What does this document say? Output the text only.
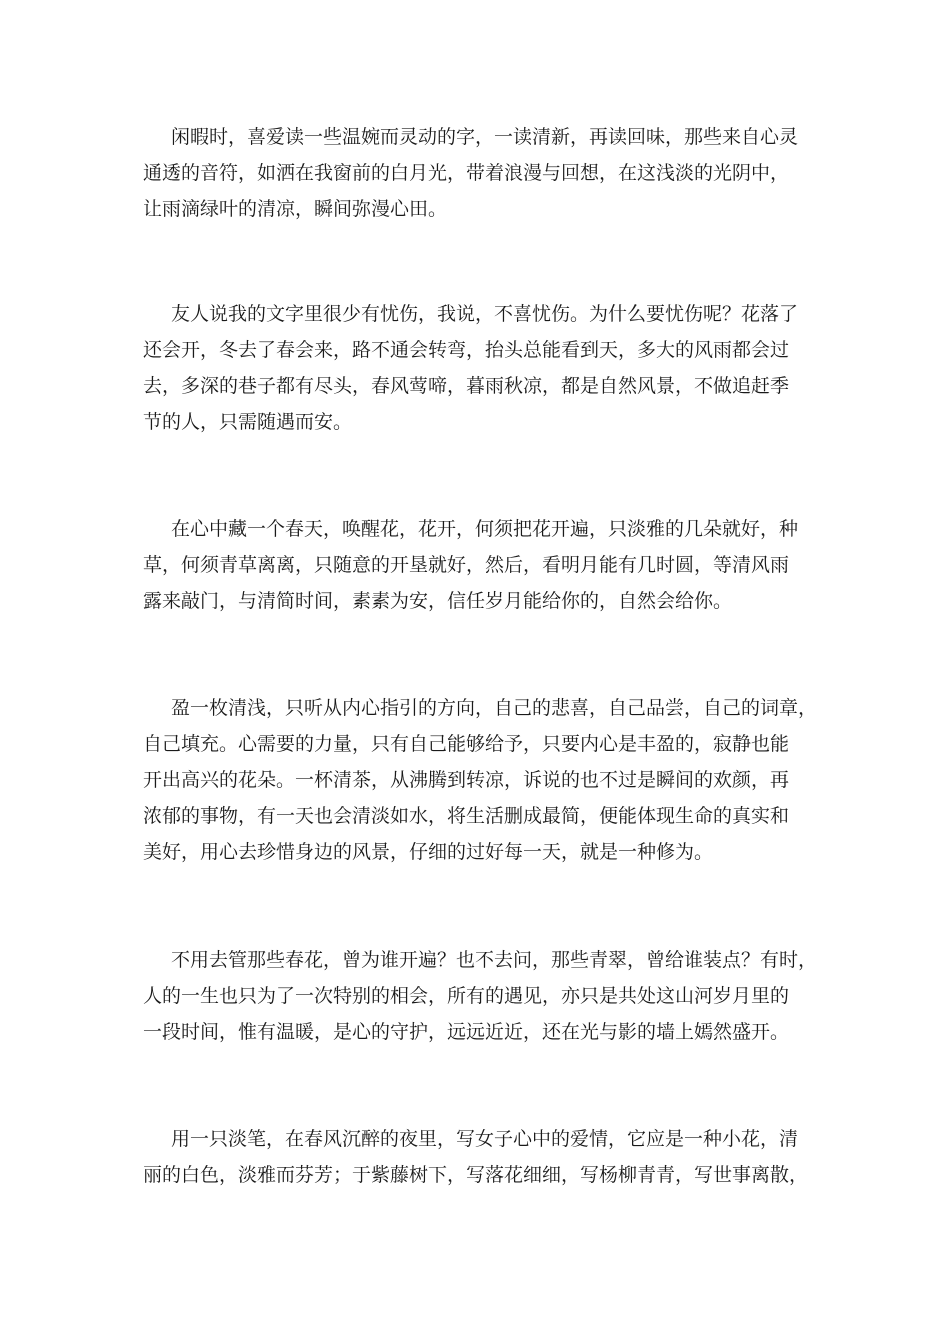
闲暇时，喜爱读一些温婉而灵动的字，一读清新，再读回味，那些来自心灵
通透的音符，如洒在我窗前的白月光，带着浪漫与回想，在这浅淡的光阴中，
让雨滴绿叶的清凉，瞬间弥漫心田。
友人说我的文字里很少有忧伤，我说，不喜忧伤。为什么要忧伤呢？花落了
还会开，冬去了春会来，路不通会转弯，抬头总能看到天，多大的风雨都会过
去，多深的巷子都有尽头，春风莺啼，暮雨秋凉，都是自然风景，不做追赶季
节的人，只需随遇而安。
在心中藏一个春天，唤醒花，花开，何须把花开遍，只淡雅的几朵就好，种
草，何须青草离离，只随意的开垦就好，然后，看明月能有几时圆，等清风雨
露来敲门，与清简时间，素素为安，信任岁月能给你的，自然会给你。
盈一枚清浅，只听从内心指引的方向，自己的悲喜，自己品尝，自己的词章，
自己填充。心需要的力量，只有自己能够给予，只要内心是丰盈的，寂静也能
开出高兴的花朵。一杯清茶，从沸腾到转凉，诉说的也不过是瞬间的欢颜，再
浓郁的事物，有一天也会清淡如水，将生活删成最简，便能体现生命的真实和
美好，用心去珍惜身边的风景，仔细的过好每一天，就是一种修为。
不用去管那些春花，曾为谁开遍？也不去问，那些青翠，曾给谁装点？有时，
人的一生也只为了一次特别的相会，所有的遇见，亦只是共处这山河岁月里的
一段时间，惟有温暖，是心的守护，远远近近，还在光与影的墙上嫣然盛开。
用一只淡笔，在春风沉醉的夜里，写女子心中的爱情，它应是一种小花，清
丽的白色，淡雅而芬芳；于紫藤树下，写落花细细，写杨柳青青，写世事离散，
